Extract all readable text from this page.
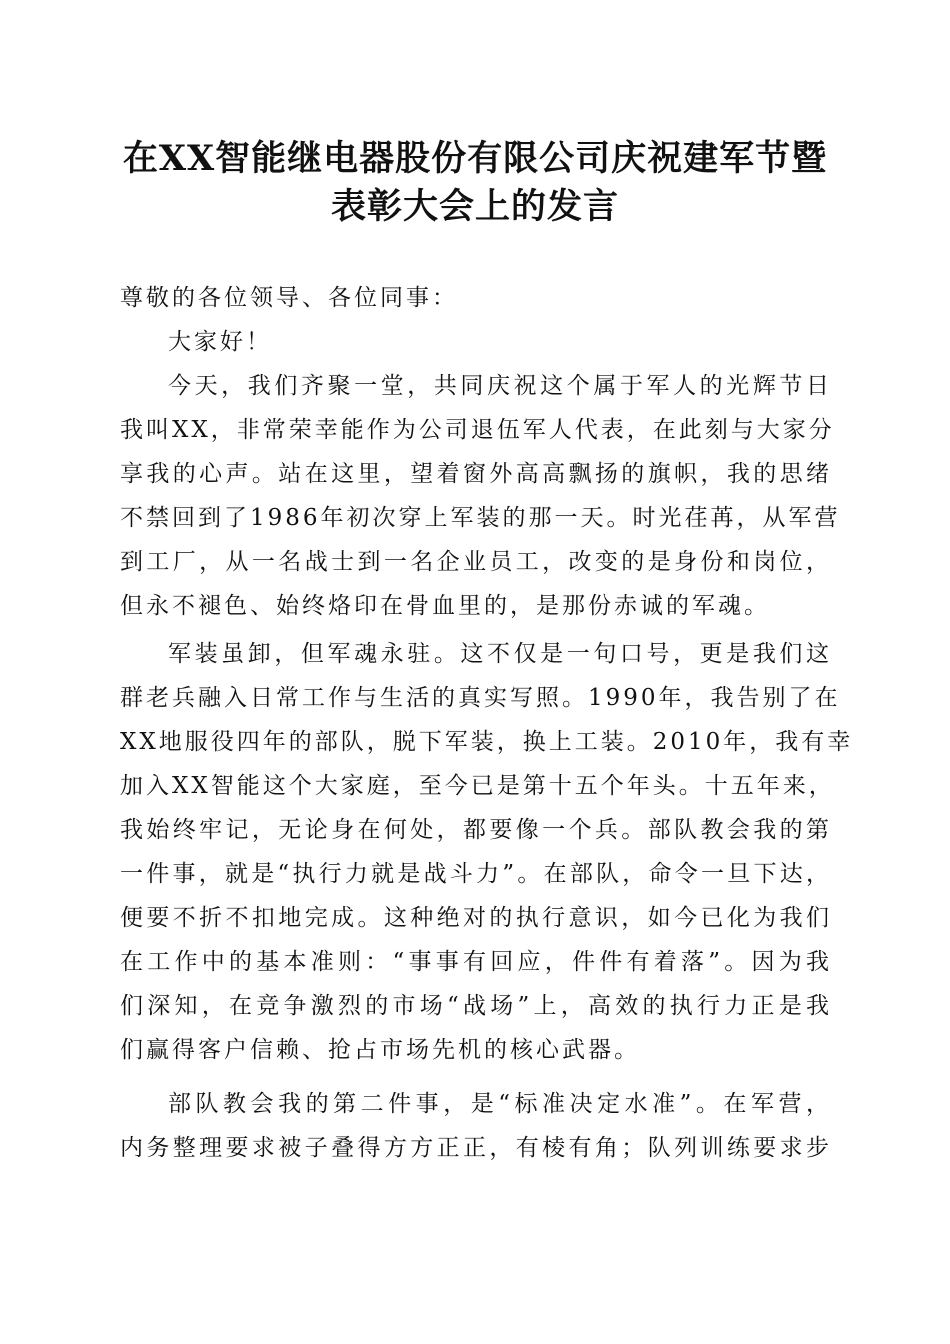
在XX智能继电器股份有限公司庆祝建军节暨
表彰大会上的发言
尊敬的各位领导、各位同事：
大家好！
今天，我们齐聚一堂，共同庆祝这个属于军人的光辉节日
我叫XX，非常荣幸能作为公司退伍军人代表，在此刻与大家分
享我的心声。站在这里，望着窗外高高飘扬的旗帜，我的思绪
不禁回到了1986年初次穿上军装的那一天。时光荏苒，从军营
到工厂，从一名战士到一名企业员工，改变的是身份和岗位，
但永不褪色、始终烙印在骨血里的，是那份赤诚的军魂。
军装虽卸，但军魂永驻。这不仅是一句口号，更是我们这
群老兵融入日常工作与生活的真实写照。1990年，我告别了在
XX地服役四年的部队，脱下军装，换上工装。2010年，我有幸
加入XX智能这个大家庭，至今已是第十五个年头。十五年来，
我始终牢记，无论身在何处，都要像一个兵。部队教会我的第
一件事，就是“执行力就是战斗力”。在部队，命令一旦下达，
便要不折不扣地完成。这种绝对的执行意识，如今已化为我们
在工作中的基本准则：“事事有回应，件件有着落”。因为我
们深知，在竞争激烈的市场“战场”上，高效的执行力正是我
们赢得客户信赖、抢占市场先机的核心武器。
部队教会我的第二件事，是“标准决定水准”。在军营，
内务整理要求被子叠得方方正正，有棱有角；队列训练要求步
